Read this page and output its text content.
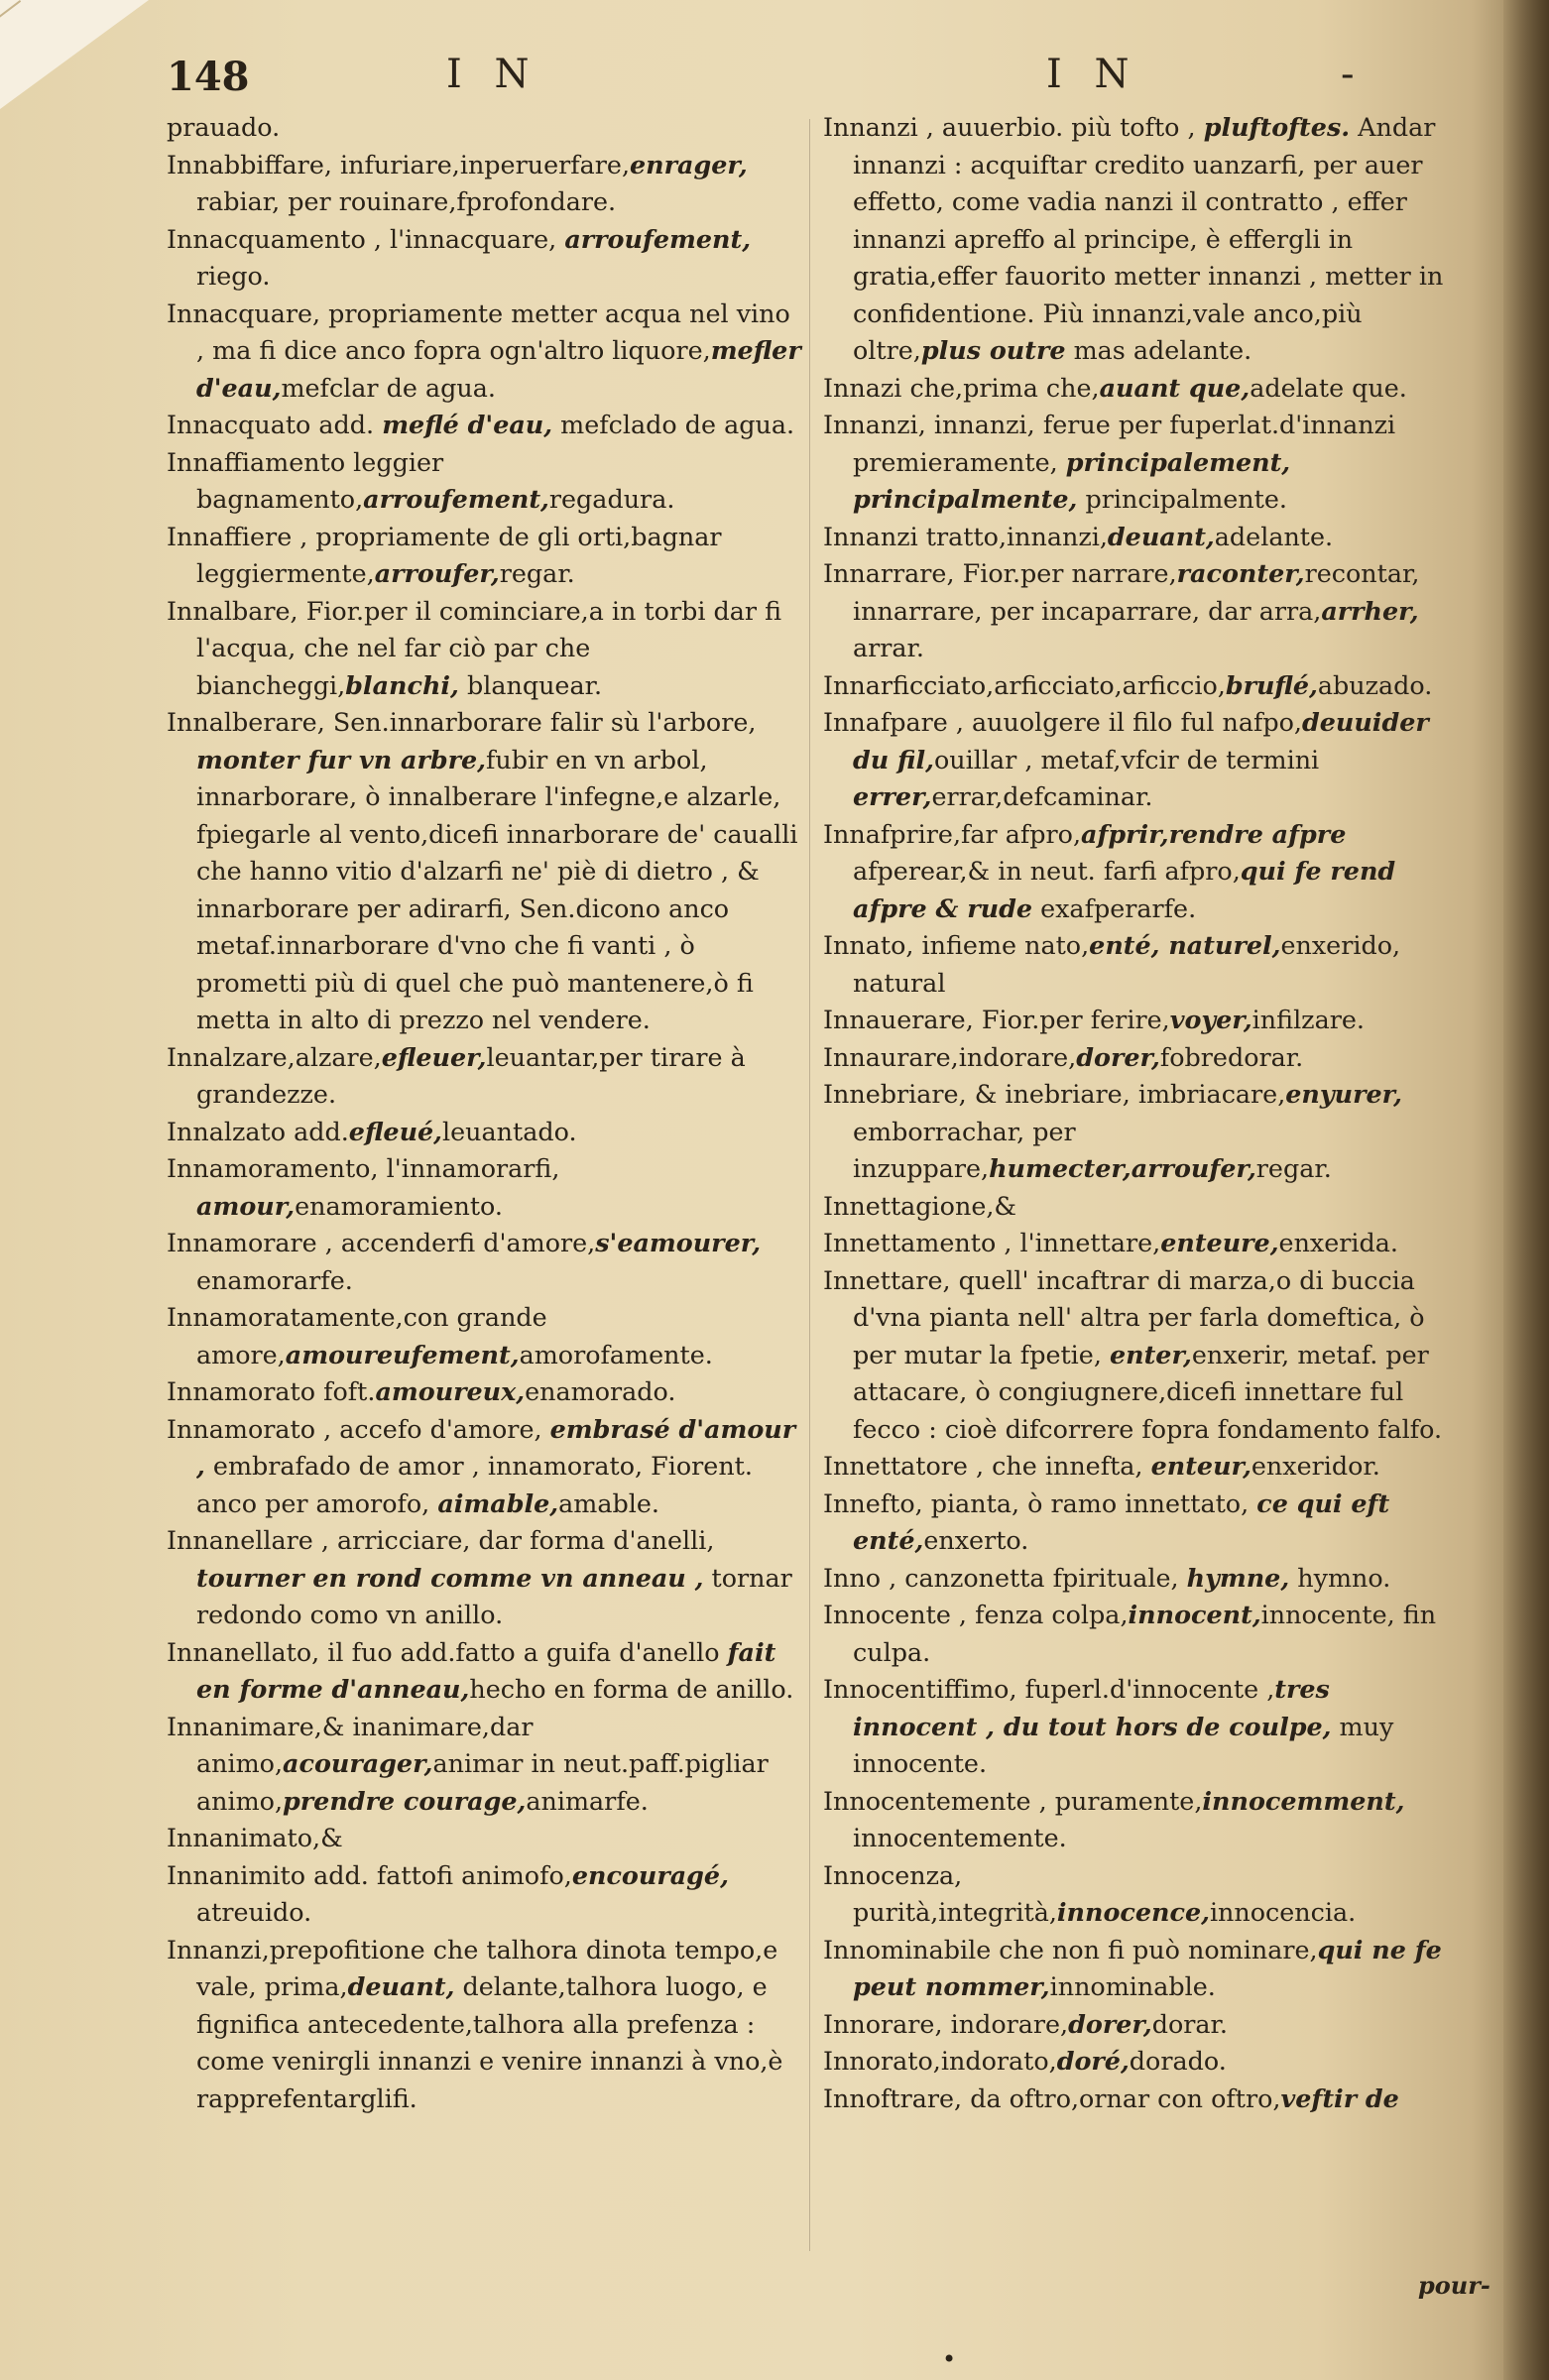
148	I N	I N	-

prauado.

Innabbiffare, infuriare,inperuerfare,enrager, rabiar, per rouinare,fprofondare.

Innacquamento , l'innacquare, arroufement, riego.

Innacquare, propriamente metter acqua nel vino , ma fi dice anco fopra ogn'altro liquore,mefler d'eau,mefclar de agua.

Innacquato add. meflé d'eau, mefclado de agua.

Innaffiamento leggier bagnamento,arroufement,regadura.

Innaffiere , propriamente de gli orti,bagnar leggiermente,arroufer,regar.

Innalbare, Fior.per il cominciare,a in torbi dar fi l'acqua, che nel far ciò par che biancheggi,blanchi, blanquear.

Innalberare, Sen.innarborare falir sù l'arbore, monter fur vn arbre,fubir en vn arbol, innarborare, ò innalberare l'infegne,e alzarle, fpiegarle al vento,dicefi innarborare de' caualli che hanno vitio d'alzarfi ne' piè di dietro , & innarborare per adirarfi, Sen.dicono anco metaf.innarborare d'vno che fi vanti , ò prometti più di quel che può mantenere,ò fi metta in alto di prezzo nel vendere.

Innalzare,alzare,efleuer,leuantar,per tirare à grandezze.

Innalzato add.efleué,leuantado.

Innamoramento, l'innamorarfi, amour,enamoramiento.

Innamorare , accenderfi d'amore,s'eamourer, enamorarfe.

Innamoratamente,con grande amore,amoureufement,amorofamente.

Innamorato foft.amoureux,enamorado.

Innamorato , accefo d'amore, embrasé d'amour , embrafado de amor , innamorato, Fiorent. anco per amorofo, aimable,amable.

Innanellare , arricciare, dar forma d'anelli, tourner en rond comme vn anneau , tornar redondo como vn anillo.

Innanellato, il fuo add.fatto a guifa d'anello fait en forme d'anneau,hecho en forma de anillo.

Innanimare,& inanimare,dar animo,acourager,animar in neut.paff.pigliar animo,prendre courage,animarfe.

Innanimato,&

Innanimito add. fattofi animofo,encouragé, atreuido.

Innanzi,prepofitione che talhora dinota tempo,e vale, prima,deuant, delante,talhora luogo, e fignifica antecedente,talhora alla prefenza : come venirgli innanzi e venire innanzi à vno,è rapprefentarglifi.

Innanzi , auuerbio. più tofto , pluftoftes. Andar innanzi : acquiftar credito uanzarfi, per auer effetto, come vadia nanzi il contratto , effer innanzi apreffo al principe, è effergli in gratia,effer fauorito metter innanzi , metter in confidentione. Più innanzi,vale anco,più oltre,plus outre mas adelante.

Innazi che,prima che,auant que,adelate que.

Innanzi, innanzi, ferue per fuperlat.d'innanzi premieramente, principalement, principalmente, principalmente.

Innanzi tratto,innanzi,deuant,adelante.

Innarrare, Fior.per narrare,raconter,recontar, innarrare, per incaparrare, dar arra,arrher, arrar.

Innarficciato,arficciato,arficcio,bruflé,abuzado.

Innafpare , auuolgere il filo ful nafpo,deuuider du fil,ouillar , metaf,vfcir de termini errer,errar,defcaminar.

Innafprire,far afpro,afprir,rendre afpre afperear,& in neut. farfi afpro,qui fe rend afpre & rude exafperarfe.

Innato, infieme nato,enté, naturel,enxerido, natural

Innauerare, Fior.per ferire,voyer,infilzare.

Innaurare,indorare,dorer,fobredorar.

Innebriare, & inebriare, imbriacare,enyurer, emborrachar, per inzuppare,humecter,arroufer,regar.

Innettagione,&

Innettamento , l'innettare,enteure,enxerida.

Innettare, quell' incaftrar di marza,o di buccia d'vna pianta nell' altra per farla domeftica, ò per mutar la fpetie, enter,enxerir, metaf. per attacare, ò congiugnere,dicefi innettare ful fecco : cioè difcorrere fopra fondamento falfo.

Innettatore , che innefta, enteur,enxeridor.

Innefto, pianta, ò ramo innettato, ce qui eft enté,enxerto.

Inno , canzonetta fpirituale, hymne, hymno.

Innocente , fenza colpa,innocent,innocente, fin culpa.

Innocentiffimo, fuperl.d'innocente ,tres innocent , du tout hors de coulpe, muy innocente.

Innocentemente , puramente,innocemment, innocentemente.

Innocenza, purità,integrità,innocence,innocencia.

Innominabile che non fi può nominare,qui ne fe peut nommer,innominable.

Innorare, indorare,dorer,dorar.

Innorato,indorato,doré,dorado.

Innoftrare, da oftro,ornar con oftro,veftir de

pour-
•
